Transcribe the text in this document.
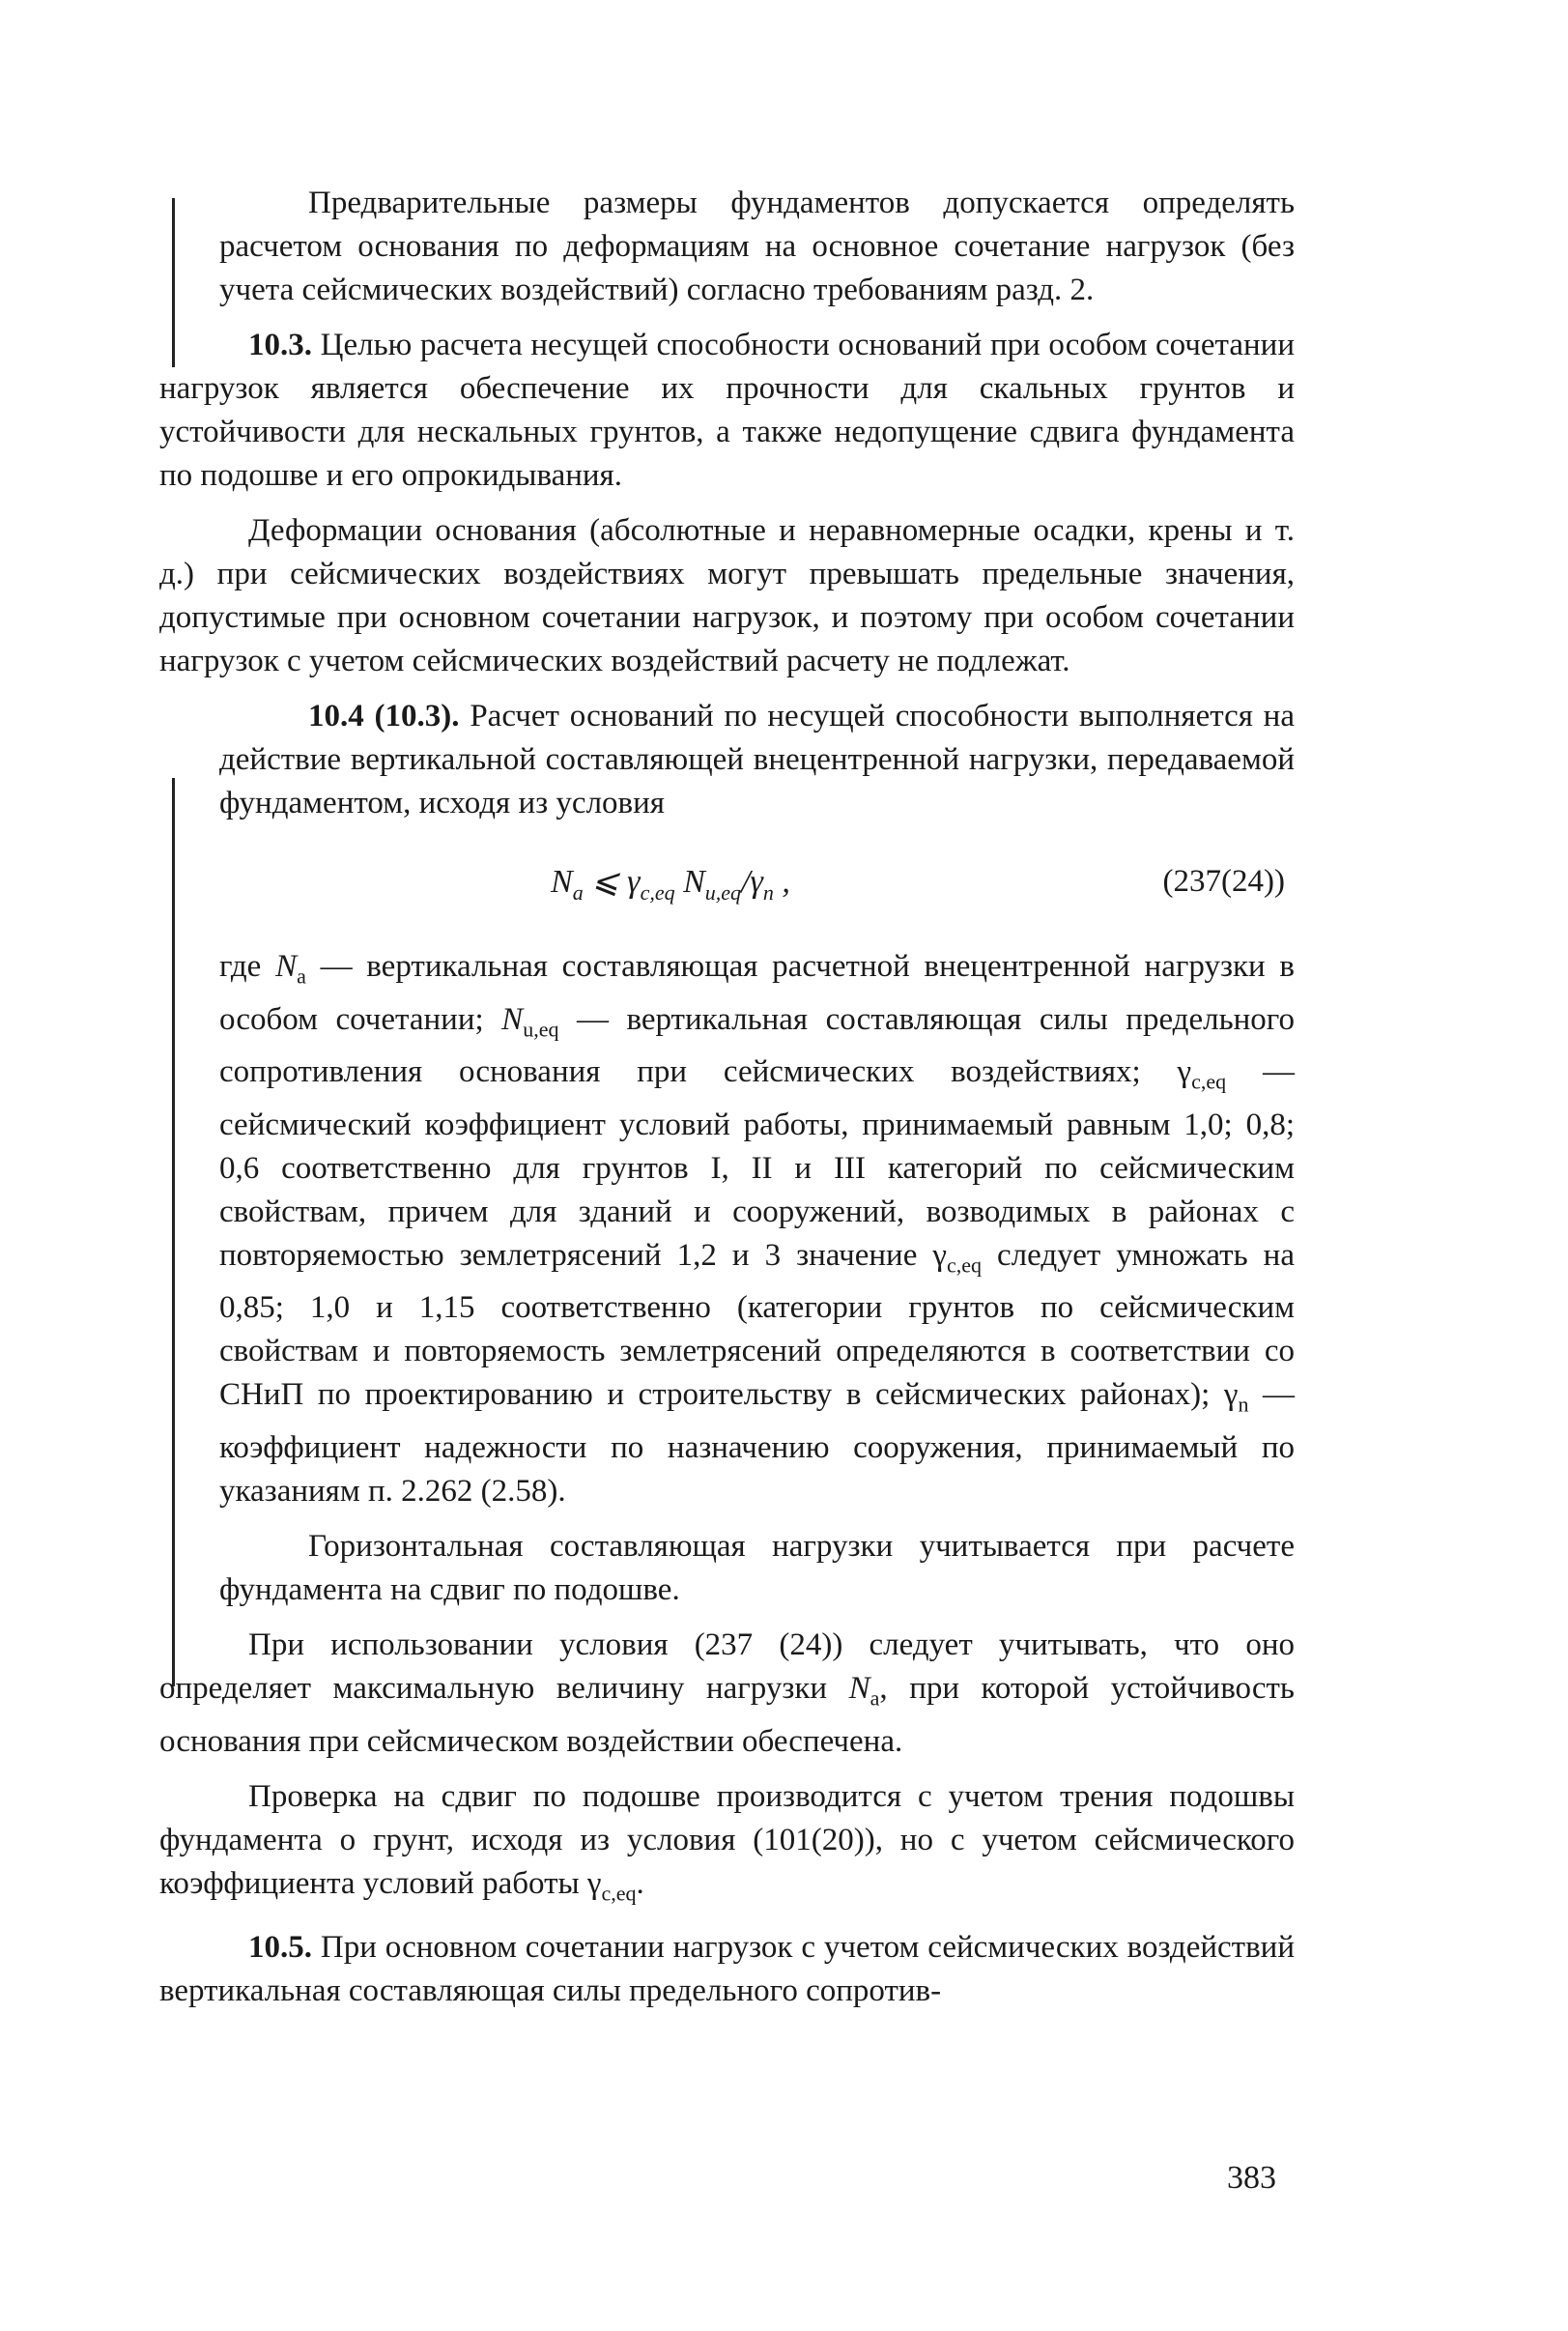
Предварительные размеры фундаментов допускается определять расчетом основания по деформациям на основное сочетание нагрузок (без учета сейсмических воздействий) согласно требованиям разд. 2.

10.3. Целью расчета несущей способности оснований при особом сочетании нагрузок является обеспечение их прочности для скальных грунтов и устойчивости для нескальных грунтов, а также недопущение сдвига фундамента по подошве и его опрокидывания.

Деформации основания (абсолютные и неравномерные осадки, крены и т. д.) при сейсмических воздействиях могут превышать предельные значения, допустимые при основном сочетании нагрузок, и поэтому при особом сочетании нагрузок с учетом сейсмических воздействий расчету не подлежат.

10.4 (10.3). Расчет оснований по несущей способности выполняется на действие вертикальной составляющей внецентренной нагрузки, передаваемой фундаментом, исходя из условия

$N_a$ ⩽ $\gamma_{c,eq}$ $N_{u,eq}/\gamma_n$ ,	(237(24))

где $N_a$ — вертикальная составляющая расчетной внецентренной нагрузки в особом сочетании; $N_{u,eq}$ — вертикальная составляющая силы предельного сопротивления основания при сейсмических воздействиях; $\gamma_{c,eq}$ — сейсмический коэффициент условий работы, принимаемый равным 1,0; 0,8; 0,6 соответственно для грунтов I, II и III категорий по сейсмическим свойствам, причем для зданий и сооружений, возводимых в районах с повторяемостью землетрясений 1,2 и 3 значение $\gamma_{c,eq}$ следует умножать на 0,85; 1,0 и 1,15 соответственно (категории грунтов по сейсмическим свойствам и повторяемость землетрясений определяются в соответствии со СНиП по проектированию и строительству в сейсмических районах); $\gamma_n$ — коэффициент надежности по назначению сооружения, принимаемый по указаниям п. 2.262 (2.58).

Горизонтальная составляющая нагрузки учитывается при расчете фундамента на сдвиг по подошве.

При использовании условия (237 (24)) следует учитывать, что оно определяет максимальную величину нагрузки $N_a$, при которой устойчивость основания при сейсмическом воздействии обеспечена.

Проверка на сдвиг по подошве производится с учетом трения подошвы фундамента о грунт, исходя из условия (101(20)), но с учетом сейсмического коэффициента условий работы $\gamma_{c,eq}$.

10.5. При основном сочетании нагрузок с учетом сейсмических воздействий вертикальная составляющая силы предельного сопротив-

383
